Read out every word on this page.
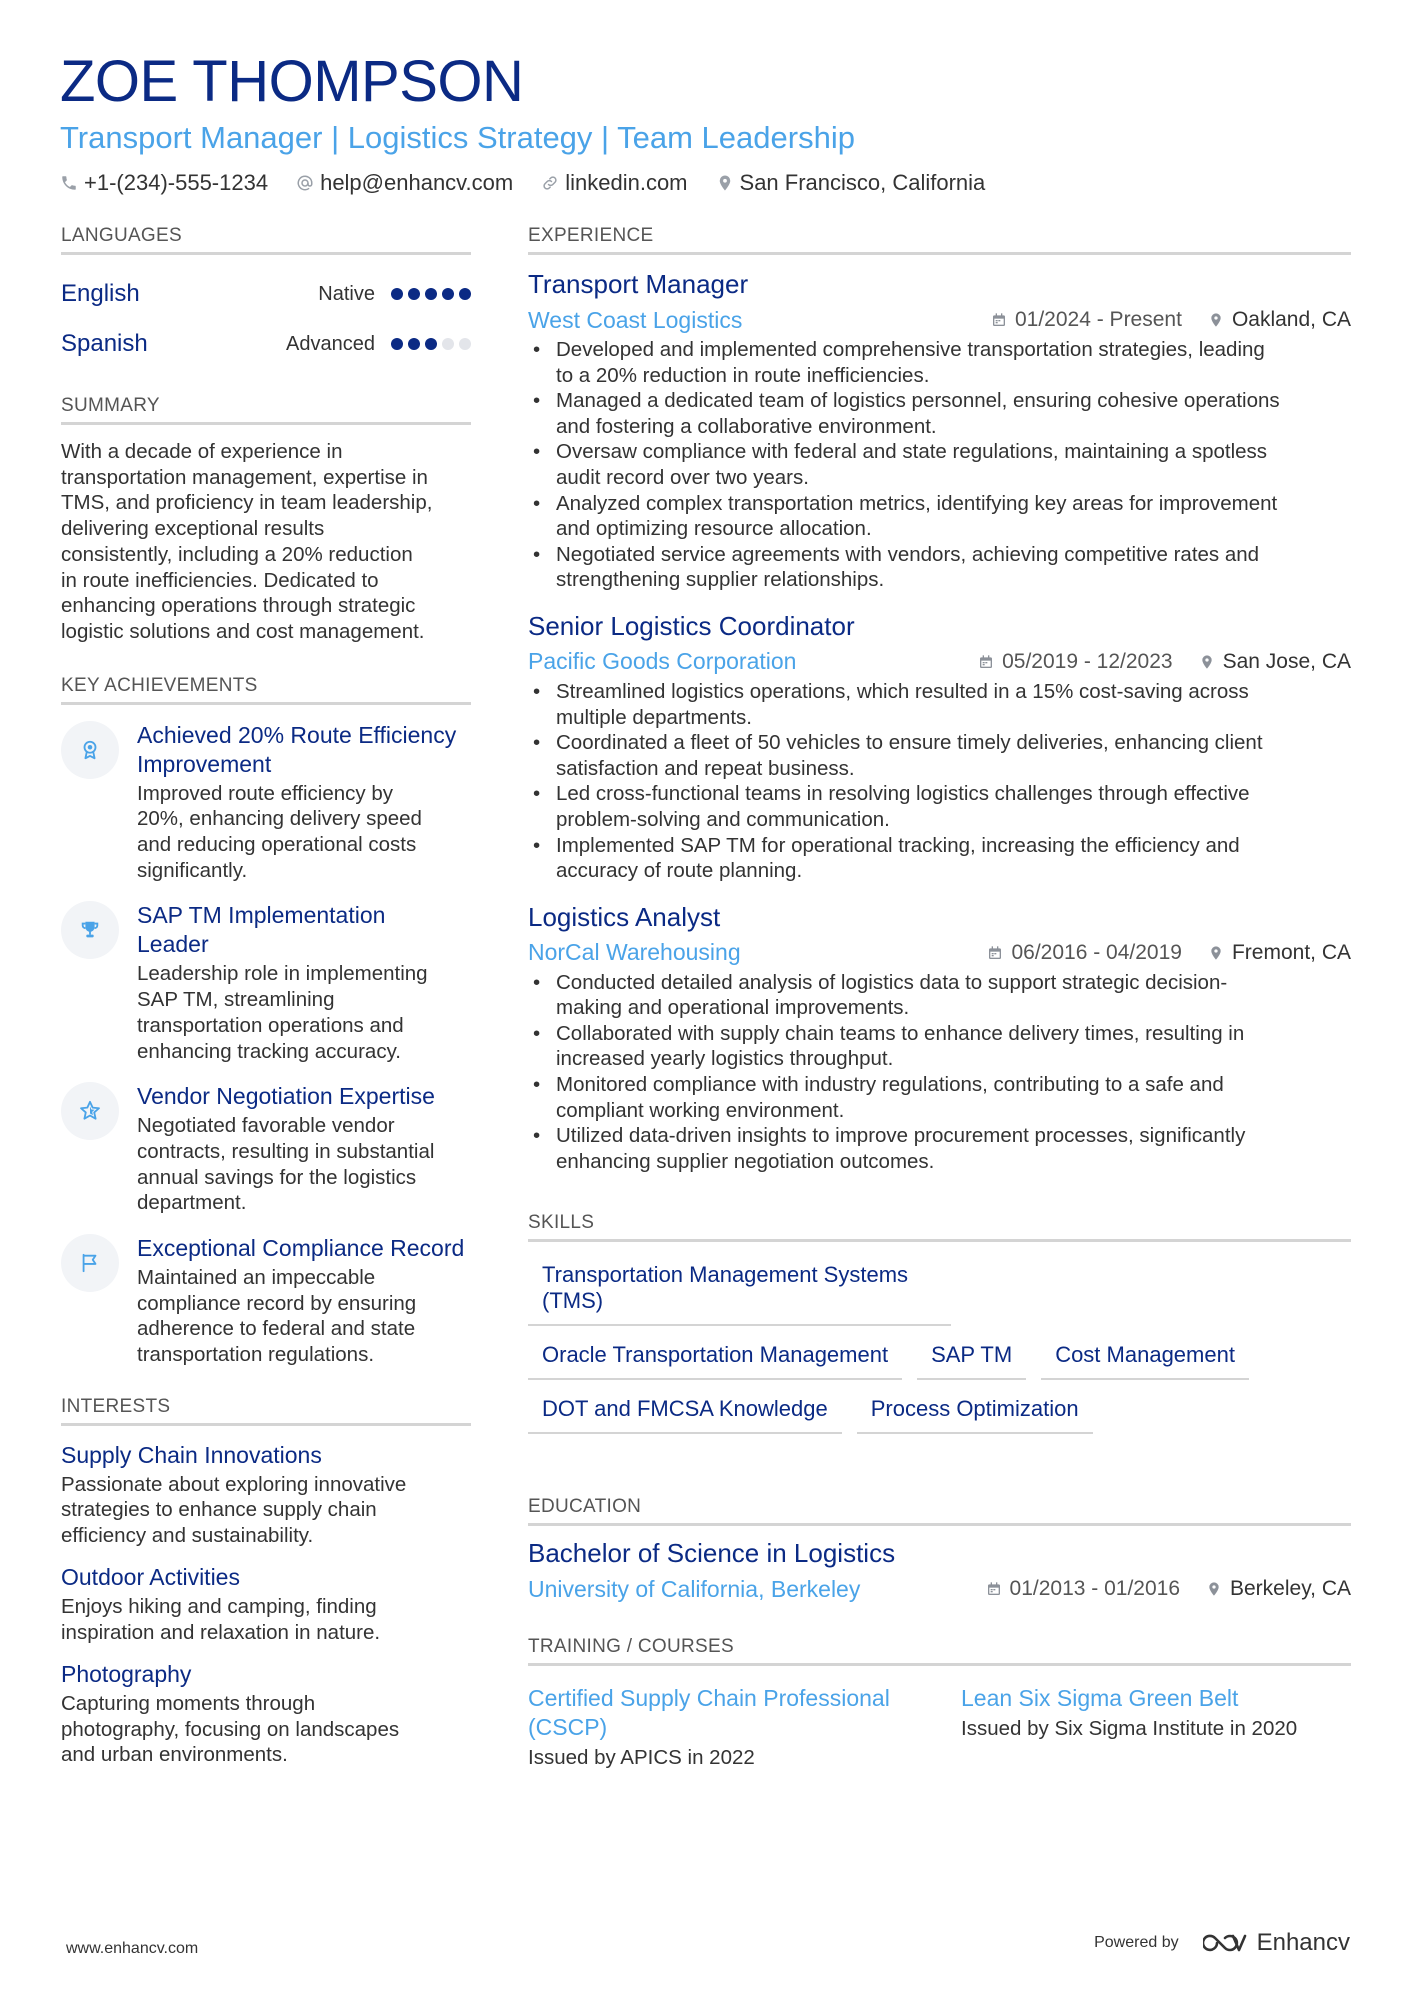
ZOE THOMPSON
Transport Manager | Logistics Strategy | Team Leadership
+1-(234)-555-1234 help@enhancv.com linkedin.com San Francisco, California
LANGUAGES
English	Native
Spanish	Advanced
SUMMARY

With a decade of experience in
transportation management, expertise in
TMS, and proficiency in team leadership,
delivering exceptional results
consistently, including a 20% reduction
in route inefficiencies. Dedicated to
enhancing operations through strategic
logistic solutions and cost management.

KEY ACHIEVEMENTS
Achieved 20% Route Efficiency
Improvement
Improved route efficiency by
20%, enhancing delivery speed
and reducing operational costs
significantly.
SAP TM Implementation
Leader
Leadership role in implementing
SAP TM, streamlining
transportation operations and
enhancing tracking accuracy.
Vendor Negotiation Expertise
Negotiated favorable vendor
contracts, resulting in substantial
annual savings for the logistics
department.
Exceptional Compliance Record
Maintained an impeccable
compliance record by ensuring
adherence to federal and state
transportation regulations.
INTERESTS
Supply Chain Innovations
Passionate about exploring innovative
strategies to enhance supply chain
efficiency and sustainability.
Outdoor Activities
Enjoys hiking and camping, finding
inspiration and relaxation in nature.
Photography
Capturing moments through
photography, focusing on landscapes
and urban environments.
EXPERIENCE
Transport Manager
West Coast Logistics	01/2024 - Present Oakland, CA
• Developed and implemented comprehensive transportation strategies, leading
to a 20% reduction in route inefficiencies.
• Managed a dedicated team of logistics personnel, ensuring cohesive operations
and fostering a collaborative environment.
• Oversaw compliance with federal and state regulations, maintaining a spotless
audit record over two years.
• Analyzed complex transportation metrics, identifying key areas for improvement
and optimizing resource allocation.
• Negotiated service agreements with vendors, achieving competitive rates and
strengthening supplier relationships.
Senior Logistics Coordinator
Pacific Goods Corporation	05/2019 - 12/2023 San Jose, CA
• Streamlined logistics operations, which resulted in a 15% cost-saving across
multiple departments.
• Coordinated a fleet of 50 vehicles to ensure timely deliveries, enhancing client
satisfaction and repeat business.
• Led cross-functional teams in resolving logistics challenges through effective
problem-solving and communication.
• Implemented SAP TM for operational tracking, increasing the efficiency and
accuracy of route planning.
Logistics Analyst
NorCal Warehousing	06/2016 - 04/2019 Fremont, CA
• Conducted detailed analysis of logistics data to support strategic decision-
making and operational improvements.
• Collaborated with supply chain teams to enhance delivery times, resulting in
increased yearly logistics throughput.
• Monitored compliance with industry regulations, contributing to a safe and
compliant working environment.
• Utilized data-driven insights to improve procurement processes, significantly
enhancing supplier negotiation outcomes.
SKILLS
Transportation Management Systems (TMS)
Oracle Transportation Management	SAP TM	Cost Management
DOT and FMCSA Knowledge	Process Optimization
EDUCATION
Bachelor of Science in Logistics
University of California, Berkeley	01/2013 - 01/2016 Berkeley, CA
TRAINING / COURSES
Certified Supply Chain Professional
(CSCP)
Issued by APICS in 2022
Lean Six Sigma Green Belt
Issued by Six Sigma Institute in 2020
www.enhancv.com	Powered by	Enhancv
